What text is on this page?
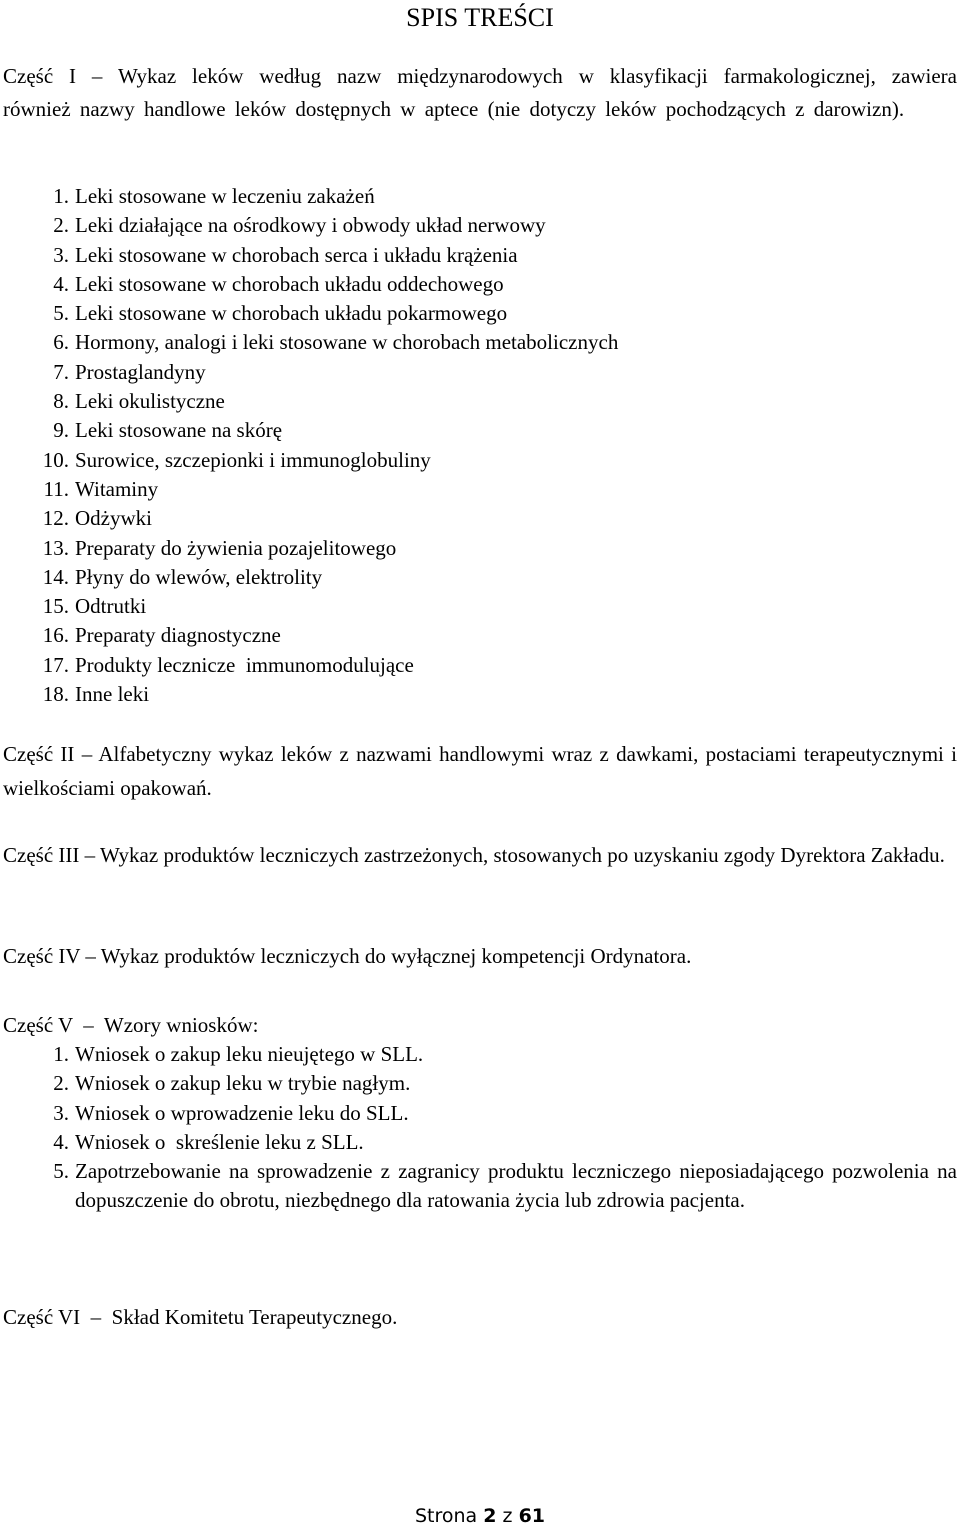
SPIS TREŚCI

Część I – Wykaz leków według nazw międzynarodowych w klasyfikacji farmakologicznej, zawiera również nazwy handlowe leków dostępnych w aptece (nie dotyczy leków pochodzących z darowizn).

1. Leki stosowane w leczeniu zakażeń
2. Leki działające na ośrodkowy i obwody układ nerwowy
3. Leki stosowane w chorobach serca i układu krążenia
4. Leki stosowane w chorobach układu oddechowego
5. Leki stosowane w chorobach układu pokarmowego
6. Hormony, analogi i leki stosowane w chorobach metabolicznych
7. Prostaglandyny
8. Leki okulistyczne
9. Leki stosowane na skórę
10. Surowice, szczepionki i immunoglobuliny
11. Witaminy
12. Odżywki
13. Preparaty do żywienia pozajelitowego
14. Płyny do wlewów, elektrolity
15. Odtrutki
16. Preparaty diagnostyczne
17. Produkty lecznicze  immunomodulujące
18. Inne leki

Część II – Alfabetyczny wykaz leków z nazwami handlowymi wraz z dawkami, postaciami terapeutycznymi i wielkościami opakowań.

Część III – Wykaz produktów leczniczych zastrzeżonych, stosowanych po uzyskaniu zgody Dyrektora Zakładu.

Część IV – Wykaz produktów leczniczych do wyłącznej kompetencji Ordynatora.

Część V  –  Wzory wniosków:

1. Wniosek o zakup leku nieujętego w SLL.
2. Wniosek o zakup leku w trybie nagłym.
3. Wniosek o wprowadzenie leku do SLL.
4. Wniosek o  skreślenie leku z SLL.
5. Zapotrzebowanie na sprowadzenie z zagranicy produktu leczniczego nieposiadającego pozwolenia na dopuszczenie do obrotu, niezbędnego dla ratowania życia lub zdrowia pacjenta.

Część VI  –  Skład Komitetu Terapeutycznego.

Strona 2 z 61
